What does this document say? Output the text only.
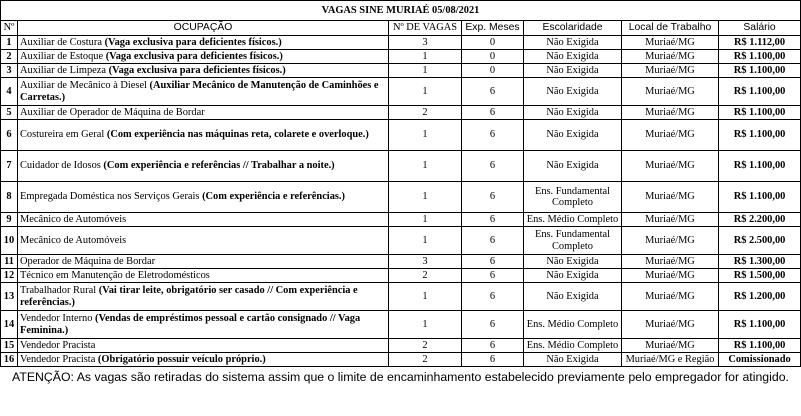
VAGAS SINE MURIAÉ 05/08/2021						
Nº	OCUPAÇÃO	Nº DE VAGAS	Exp. Meses	Escolaridade	Local de Trabalho	Salário
1	Auxiliar de Costura (Vaga exclusiva para deficientes físicos.)	3	0	Não Exigida	Muriaé/MG	R$ 1.112,00
2	Auxiliar de Estoque (Vaga exclusiva para deficientes físicos.)	1	0	Não Exigida	Muriaé/MG	R$ 1.100,00
3	Auxiliar de Limpeza (Vaga exclusiva para deficientes físicos.)	1	0	Não Exigida	Muriaé/MG	R$ 1.100,00
4	Auxiliar de Mecânico à Diesel (Auxiliar Mecânico de Manutenção de Caminhões e Carretas.)	1	6	Não Exigida	Muriaé/MG	R$ 1.100,00
5	Auxiliar de Operador de Máquina de Bordar	2	6	Não Exigida	Muriaé/MG	R$ 1.100,00
6	Costureira em Geral (Com experiência nas máquinas reta, colarete e overloque.)	1	6	Não Exigida	Muriaé/MG	R$ 1.100,00
7	Cuidador de Idosos (Com experiência e referências // Trabalhar a noite.)	1	6	Não Exigida	Muriaé/MG	R$ 1.100,00
8	Empregada Doméstica nos Serviços Gerais (Com experiência e referências.)	1	6	Ens. Fundamental Completo	Muriaé/MG	R$ 1.100,00
9	Mecânico de Automóveis	1	6	Ens. Médio Completo	Muriaé/MG	R$ 2.200,00
10	Mecânico de Automóveis	1	6	Ens. Fundamental Completo	Muriaé/MG	R$ 2.500,00
11	Operador de Máquina de Bordar	3	6	Não Exigida	Muriaé/MG	R$ 1.300,00
12	Técnico em Manutenção de Eletrodomésticos	2	6	Não Exigida	Muriaé/MG	R$ 1.500,00
13	Trabalhador Rural (Vai tirar leite, obrigatório ser casado // Com experiência e referências.)	1	6	Não Exigida	Muriaé/MG	R$ 1.200,00
14	Vendedor Interno (Vendas de empréstimos pessoal e cartão consignado // Vaga Feminina.)	1	6	Ens. Médio Completo	Muriaé/MG	R$ 1.100,00
15	Vendedor Pracista	2	6	Ens. Médio Completo	Muriaé/MG	R$ 1.100,00
16	Vendedor Pracista (Obrigatório possuir veículo próprio.)	2	6	Não Exigida	Muriaé/MG e Região	Comissionado
ATENÇÃO: As vagas são retiradas do sistema assim que o limite de encaminhamento estabelecido previamente pelo empregador for atingido.
